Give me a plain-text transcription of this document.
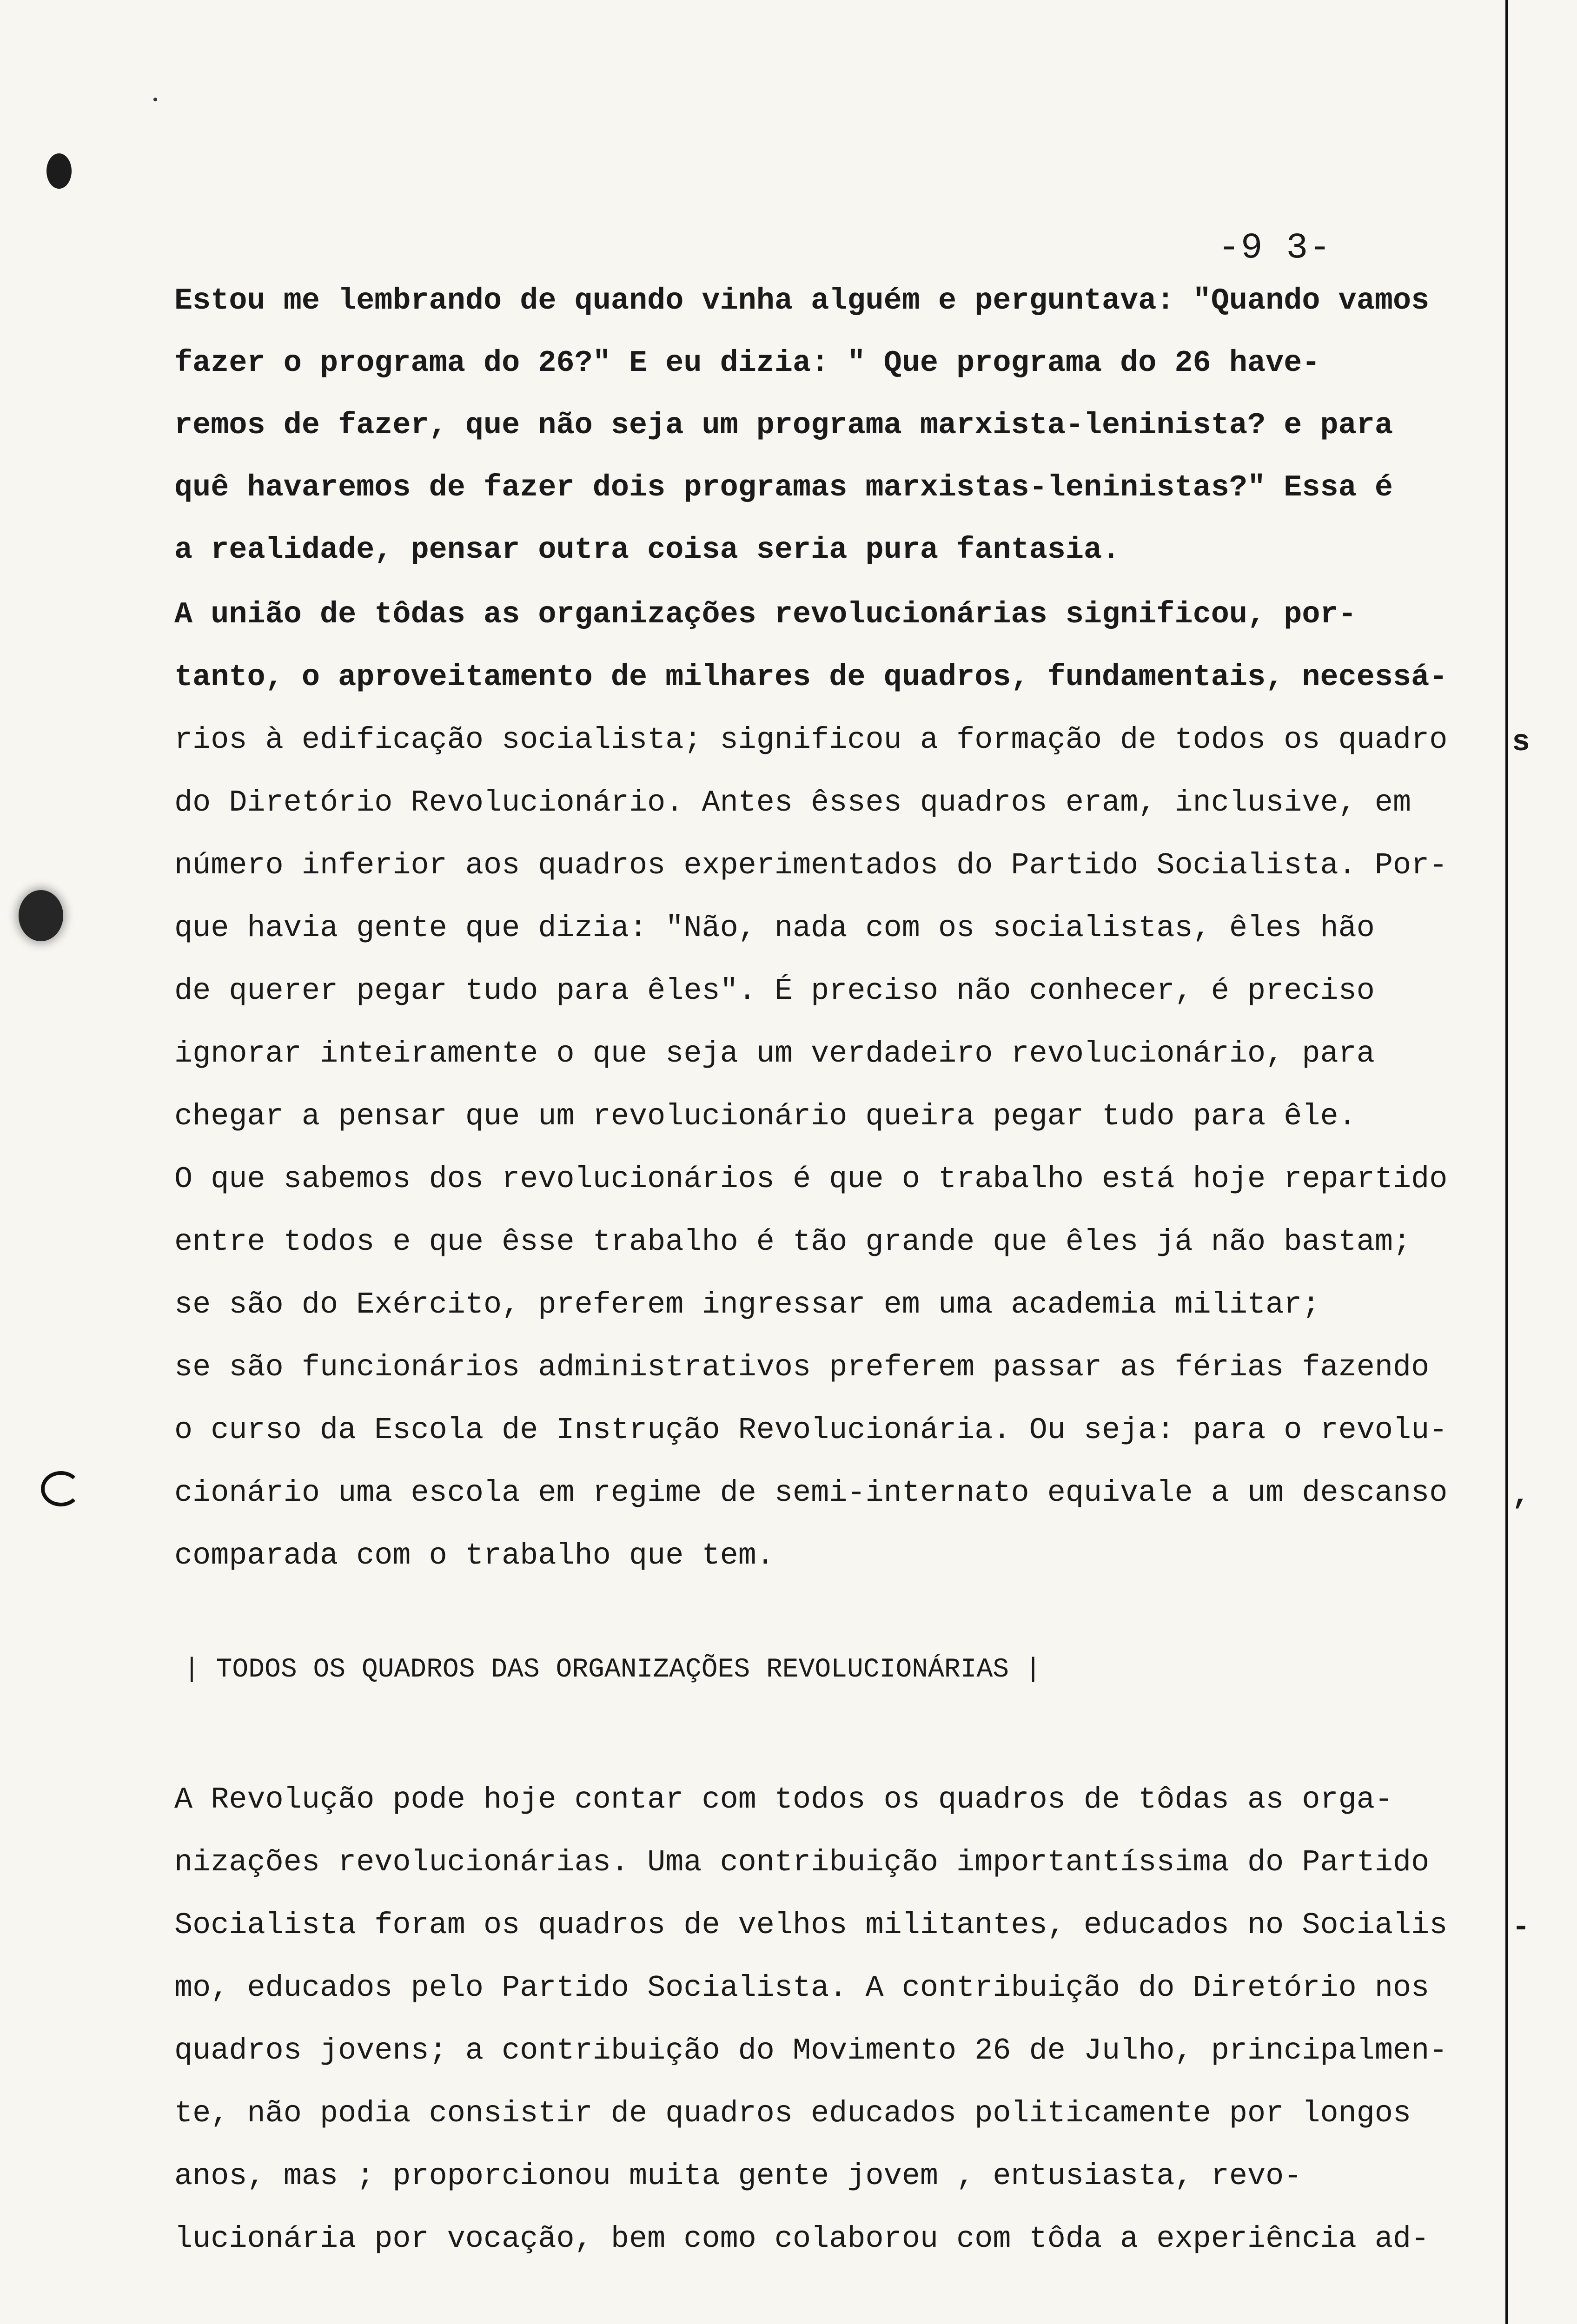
-9 3-
Estou me lembrando de quando vinha alguém e perguntava: "Quando vamos
fazer o programa do 26?" E eu dizia: " Que programa do 26 have-
remos de fazer, que não seja um programa marxista-leninista? e para
quê havaremos de fazer dois programas marxistas-leninistas?" Essa é
a realidade, pensar outra coisa seria pura fantasia.
A união de tôdas as organizações revolucionárias significou, por-
tanto, o aproveitamento de milhares de quadros, fundamentais, necessá-
rios à edificação socialista; significou a formação de todos os quadro
do Diretório Revolucionário. Antes êsses quadros eram, inclusive, em
número inferior aos quadros experimentados do Partido Socialista. Por-
que havia gente que dizia: "Não, nada com os socialistas, êles hão
de querer pegar tudo para êles". É preciso não conhecer, é preciso
ignorar inteiramente o que seja um verdadeiro revolucionário, para
chegar a pensar que um revolucionário queira pegar tudo para êle.
O que sabemos dos revolucionários é que o trabalho está hoje repartido
entre todos e que êsse trabalho é tão grande que êles já não bastam;
se são do Exército, preferem ingressar em uma academia militar;
se são funcionários administrativos preferem passar as férias fazendo
o curso da Escola de Instrução Revolucionária. Ou seja: para o revolu-
cionário uma escola em regime de semi-internato equivale a um descanso
comparada com o trabalho que tem.
| TODOS OS QUADROS DAS ORGANIZAÇÕES REVOLUCIONÁRIAS |
A Revolução pode hoje contar com todos os quadros de tôdas as orga-
nizações revolucionárias. Uma contribuição importantíssima do Partido
Socialista foram os quadros de velhos militantes, educados no Socialis
mo, educados pelo Partido Socialista. A contribuição do Diretório nos
quadros jovens; a contribuição do Movimento 26 de Julho, principalmen-
te, não podia consistir de quadros educados politicamente por longos
anos, mas ; proporcionou muita gente jovem , entusiasta, revo-
lucionária por vocação, bem como colaborou com tôda a experiência ad-
s
,
-
